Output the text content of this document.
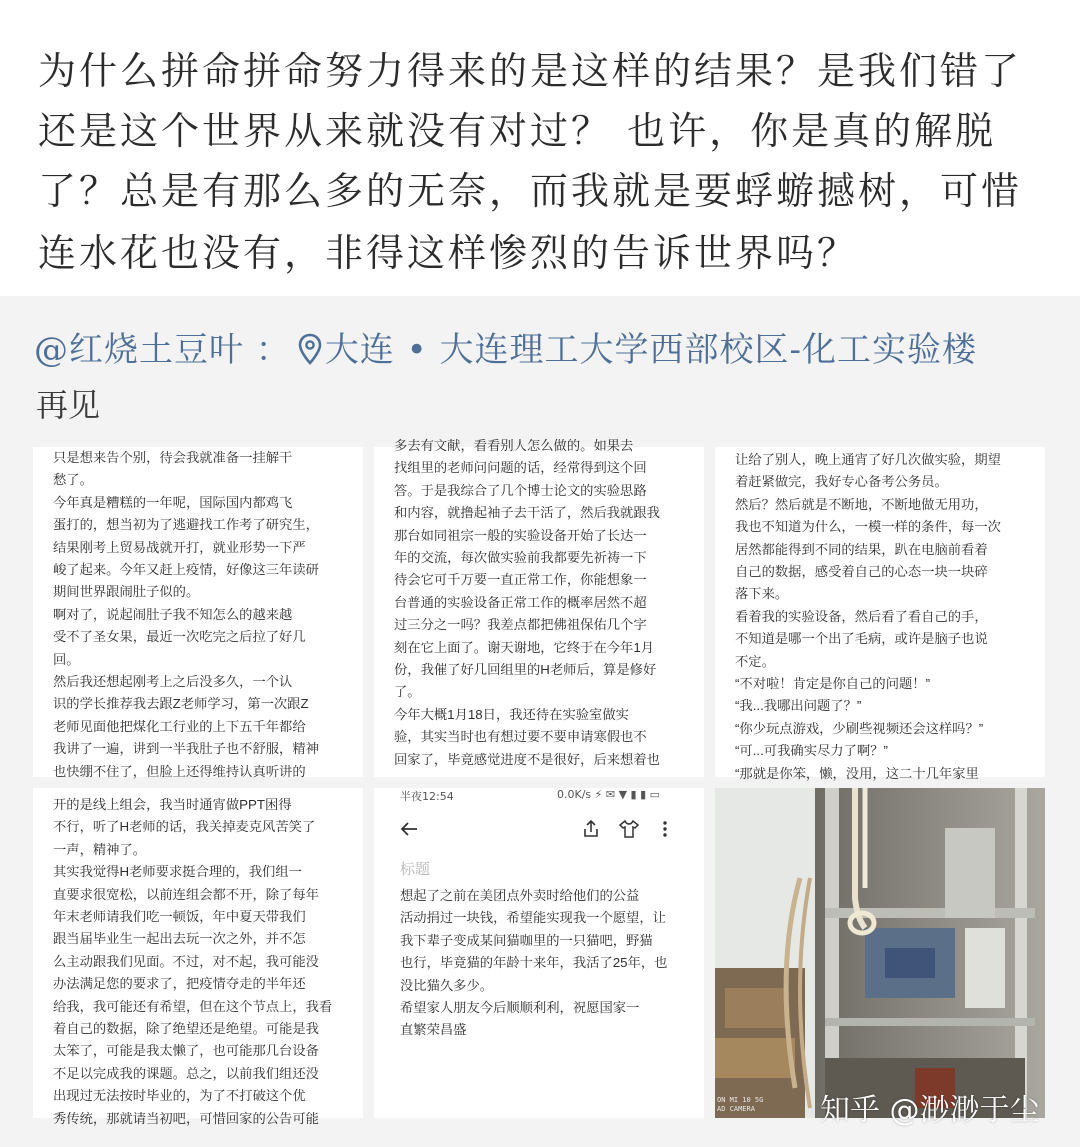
为什么拼命拼命努力得来的是这样的结果？是我们错了
还是这个世界从来就没有对过？ 也许，你是真的解脱
了？总是有那么多的无奈，而我就是要蜉蝣撼树，可惜
连水花也没有，非得这样惨烈的告诉世界吗？
@红烧土豆叶 ： 大连 • 大连理工大学西部校区-化工实验楼
再见

只是想来告个别，待会我就准备一挂解干

愁了。

今年真是糟糕的一年呢，国际国内都鸡飞

蛋打的，想当初为了逃避找工作考了研究生，

结果刚考上贸易战就开打，就业形势一下严

峻了起来。今年又赶上疫情，好像这三年读研

期间世界跟闹肚子似的。

啊对了，说起闹肚子我不知怎么的越来越

受不了圣女果，最近一次吃完之后拉了好几

回。

然后我还想起刚考上之后没多久，一个认

识的学长推荐我去跟Z老师学习，第一次跟Z

老师见面他把煤化工行业的上下五千年都给

我讲了一遍，讲到一半我肚子也不舒服，精神

也快绷不住了，但脸上还得维持认真听讲的

多去有文献，看看别人怎么做的。如果去

找组里的老师问问题的话，经常得到这个回

答。于是我综合了几个博士论文的实验思路

和内容，就撸起袖子去干活了，然后我就跟我

那台如同祖宗一般的实验设备开始了长达一

年的交流，每次做实验前我都要先祈祷一下

待会它可千万要一直正常工作，你能想象一

台普通的实验设备正常工作的概率居然不超

过三分之一吗？我差点都把佛祖保佑几个字

刻在它上面了。谢天谢地，它终于在今年1月

份，我催了好几回组里的H老师后，算是修好

了。

今年大概1月18日，我还待在实验室做实

验，其实当时也有想过要不要申请寒假也不

回家了，毕竟感觉进度不是很好，后来想着也

让给了别人，晚上通宵了好几次做实验，期望

着赶紧做完，我好专心备考公务员。

然后？然后就是不断地，不断地做无用功，

我也不知道为什么，一模一样的条件，每一次

居然都能得到不同的结果，趴在电脑前看着

自己的数据，感受着自己的心态一块一块碎

落下来。

看着我的实验设备，然后看了看自己的手，

不知道是哪一个出了毛病，或许是脑子也说

不定。

“不对啦！肯定是你自己的问题！”

“我...我哪出问题了？”

“你少玩点游戏，少刷些视频还会这样吗？”

“可...可我确实尽力了啊？”

“那就是你笨，懒，没用，这二十几年家里

开的是线上组会，我当时通宵做PPT困得

不行，听了H老师的话，我关掉麦克风苦笑了

一声，精神了。

其实我觉得H老师要求挺合理的，我们组一

直要求很宽松，以前连组会都不开，除了每年

年末老师请我们吃一顿饭，年中夏天带我们

跟当届毕业生一起出去玩一次之外，并不怎

么主动跟我们见面。不过，对不起，我可能没

办法满足您的要求了，把疫情夺走的半年还

给我，我可能还有希望，但在这个节点上，我看

着自己的数据，除了绝望还是绝望。可能是我

太笨了，可能是我太懒了，也可能那几台设备

不足以完成我的课题。总之，以前我们组还没

出现过无法按时毕业的，为了不打破这个优

秀传统，那就请当初吧，可惜回家的公告可能

半夜12:54	0.0K/s ⚡ ✉ ▼ ▮ ▮ ▭
标题

想起了之前在美团点外卖时给他们的公益

活动捐过一块钱，希望能实现我一个愿望，让

我下辈子变成某间猫咖里的一只猫吧，野猫

也行，毕竟猫的年龄十来年，我活了25年，也

没比猫久多少。

希望家人朋友今后顺顺利利，祝愿国家一

直繁荣昌盛

ON MI 10 5G
AD CAMERA 知乎 @渺渺于尘
